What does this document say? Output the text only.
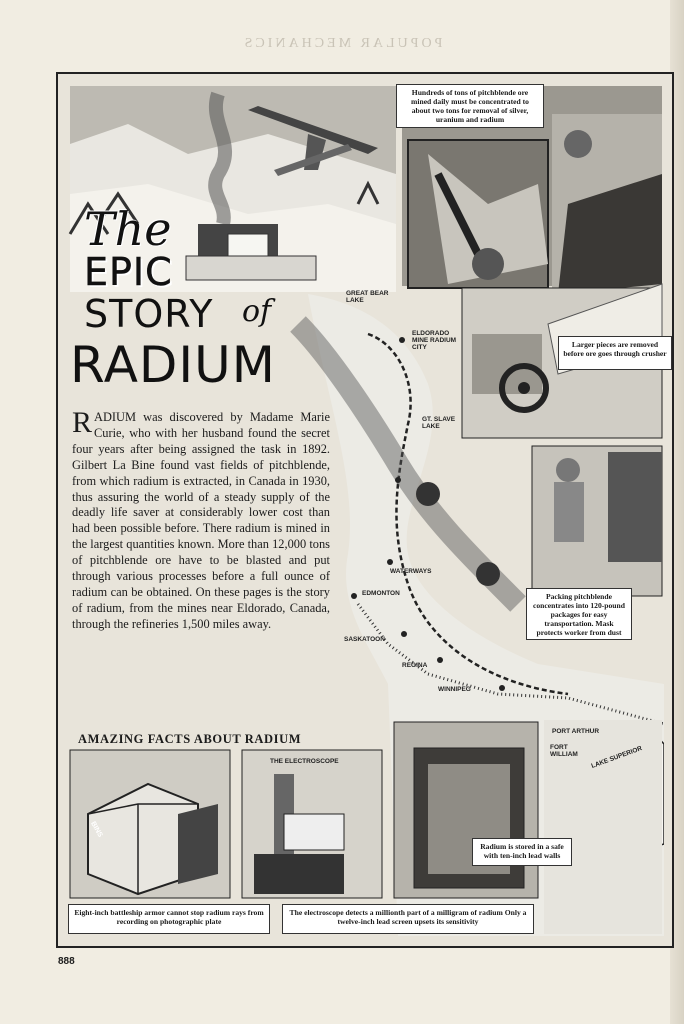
POPULAR MECHANICS
The
EPIC
STORY of
RADIUM
RADIUM was discovered by Madame Marie Curie, who with her husband found the secret four years after being assigned the task in 1892. Gilbert La Bine found vast fields of pitchblende, from which radium is extracted, in Canada in 1930, thus assuring the world of a steady supply of the deadly life saver at considerably lower cost than had been possible before. There radium is mined in the largest quantities known. More than 12,000 tons of pitchblende ore have to be blasted and put through various processes before a full ounce of radium can be obtained. On these pages is the story of radium, from the mines near Eldorado, Canada, through the refineries 1,500 miles away.
Hundreds of tons of pitchblende ore mined daily must be concentrated to about two tons for removal of silver, uranium and radium
Larger pieces are removed before ore goes through crusher
Packing pitchblende concentrates into 120-pound packages for easy transportation. Mask protects worker from dust
Radium is stored in a safe with ten-inch lead walls
Eight-inch battleship armor cannot stop radium rays from recording on photographic plate
The electroscope detects a millionth part of a milligram of radium Only a twelve-inch lead screen upsets its sensitivity
AMAZING FACTS ABOUT RADIUM
THE ELECTROSCOPE
BINS
GREAT BEAR LAKE
ELDORADO MINE RADIUM CITY
GT. SLAVE LAKE
WATERWAYS
EDMONTON
SASKATOON
REGINA
WINNIPEG
PORT ARTHUR
FORT WILLIAM	LAKE SUPERIOR
888
